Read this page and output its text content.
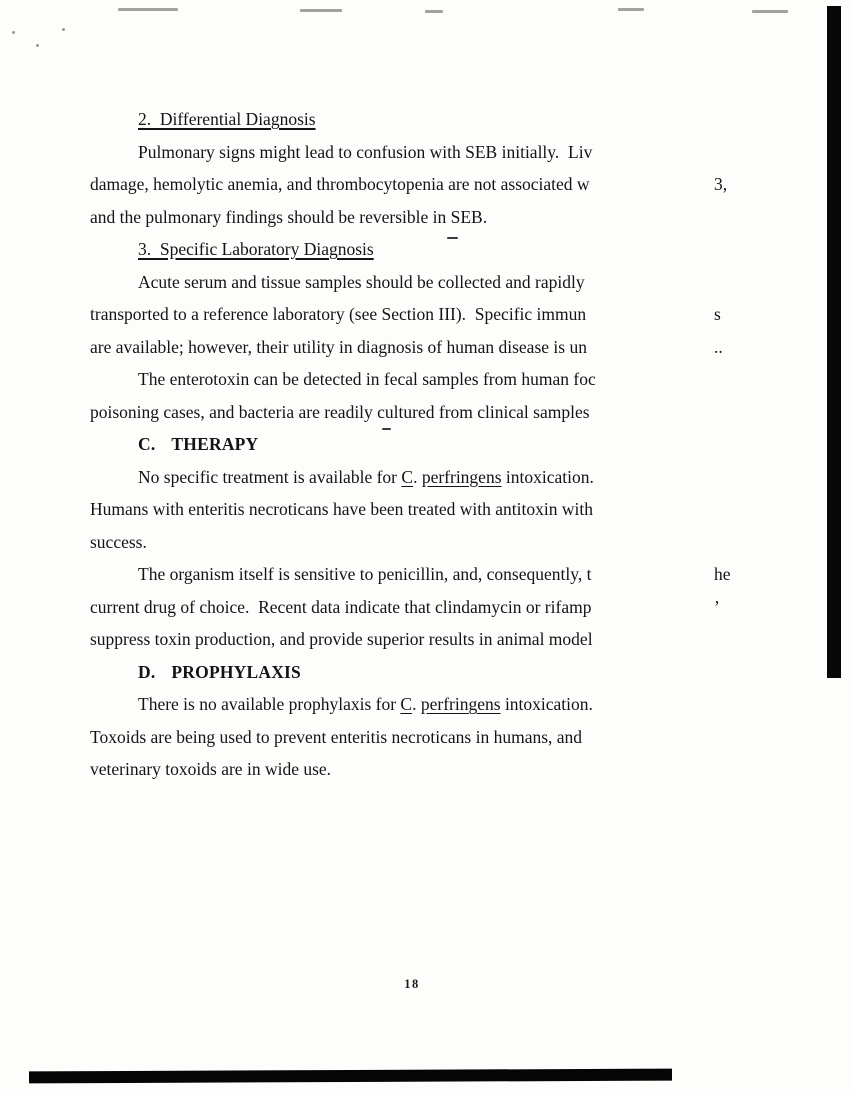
2.  Differential Diagnosis
Pulmonary signs might lead to confusion with SEB initially.  Liv
damage, hemolytic anemia, and thrombocytopenia are not associated w	3,
and the pulmonary findings should be reversible in SEB.
3.  Specific Laboratory Diagnosis
Acute serum and tissue samples should be collected and rapidly
transported to a reference laboratory (see Section III).  Specific immun	s
are available; however, their utility in diagnosis of human disease is un	..
The enterotoxin can be detected in fecal samples from human foc
poisoning cases, and bacteria are readily cultured from clinical samples
C. THERAPY
No specific treatment is available for C. perfringens intoxication.
Humans with enteritis necroticans have been treated with antitoxin with
success.
The organism itself is sensitive to penicillin, and, consequently, t	he
current drug of choice.  Recent data indicate that clindamycin or rifamp	’
suppress toxin production, and provide superior results in animal model
D. PROPHYLAXIS
There is no available prophylaxis for C. perfringens intoxication.
Toxoids are being used to prevent enteritis necroticans in humans, and
veterinary toxoids are in wide use.
18
